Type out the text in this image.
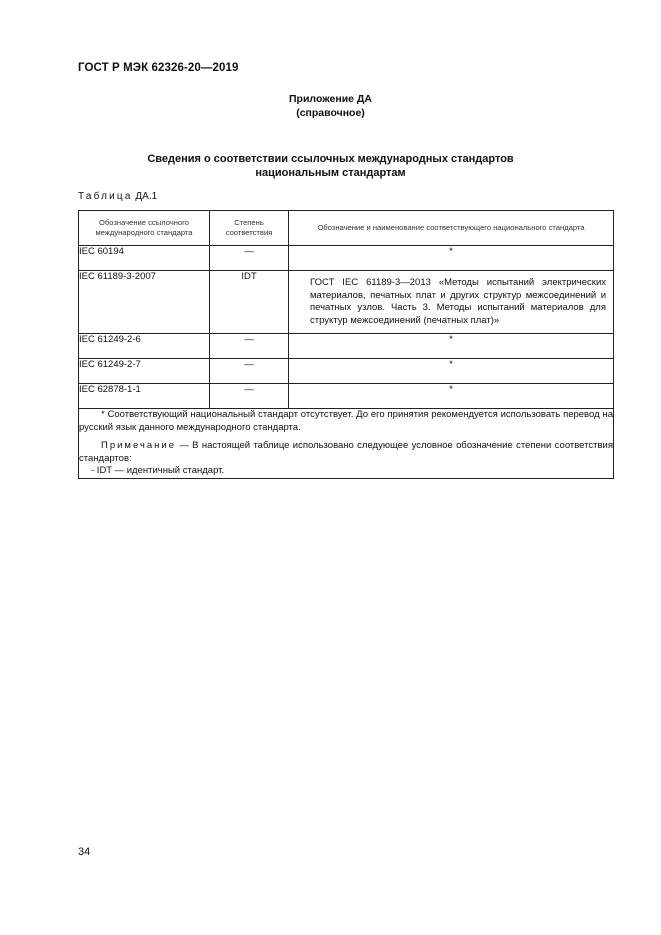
ГОСТ Р МЭК 62326-20—2019
Приложение ДА
(справочное)
Сведения о соответствии ссылочных международных стандартов
национальным стандартам
Таблица ДА.1
Обозначение ссылочного международного стандарта	Степень соответствия	Обозначение и наименование соответствующего национального стандарта
IEC 60194	—	*
IEC 61189-3-2007	IDT	ГОСТ IEC 61189-3—2013 «Методы испытаний электрических материалов, печатных плат и других структур межсоединений и печатных узлов. Часть 3. Методы испытаний материалов для структур межсоединений (печатных плат)»

IEC 61249-2-6	—	*
IEC 61249-2-7	—	*
IEC 62878-1-1	—	*

* Соответствующий национальный стандарт отсутствует. До его принятия рекомендуется использовать перевод на русский язык данного международного стандарта.

Примечание — В настоящей таблице использовано следующее условное обозначение степени соответствия стандартов:

- IDT — идентичный стандарт.		

34
